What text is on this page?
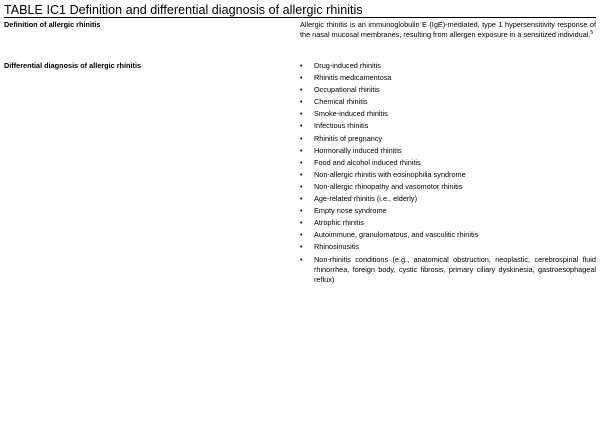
TABLE IC1 Definition and differential diagnosis of allergic rhinitis
Definition of allergic rhinitis	Allergic rhinitis is an immunoglobulin E (IgE)-mediated, type 1 hypersensitivity response of the nasal mucosal membranes, resulting from allergen exposure in a sensitized individual.$^5$
Differential diagnosis of allergic rhinitis	• Drug-induced rhinitis
• Rhinitis medicamentosa
• Occupational rhinitis
• Chemical rhinitis
• Smoke-induced rhinitis
• Infectious rhinitis
• Rhinitis of pregnancy
• Hormonally induced rhinitis
• Food and alcohol induced rhinitis
• Non-allergic rhinitis with eosinophilia syndrome
• Non-allergic rhinopathy and vasomotor rhinitis
• Age-related rhinitis (i.e., elderly)
• Empty nose syndrome
• Atrophic rhinitis
• Autoimmune, granulomatous, and vasculitic rhinitis
• Rhinosinusitis
• Non-rhinitis conditions (e.g., anatomical obstruction, neoplastic, cerebrospinal fluid rhinorrhea, foreign body, cystic fibrosis, primary ciliary dyskinesia, gastroesophageal reflux)
